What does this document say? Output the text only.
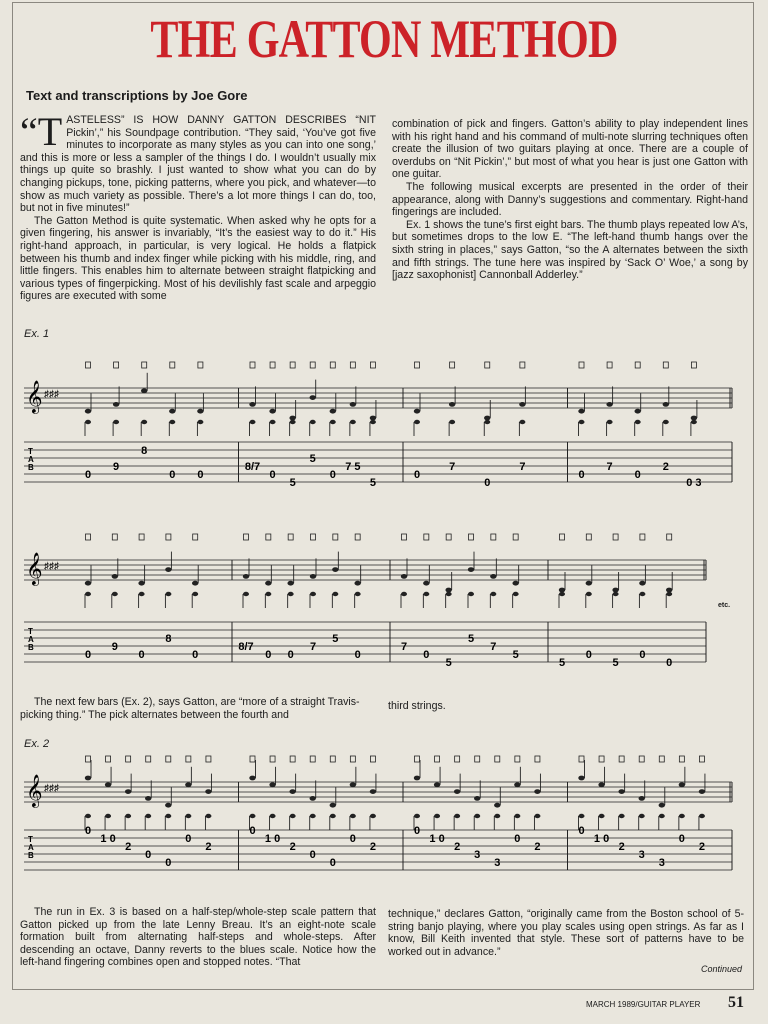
THE GATTON METHOD

Text and transcriptions by Joe Gore

“TASTELESS” IS HOW DANNY GATTON DESCRIBES “NIT Pickin’,” his Soundpage contribution. “They said, ‘You’ve got five minutes to incorporate as many styles as you can into one song,’ and this is more or less a sampler of the things I do. I wouldn’t usually mix things up quite so brashly. I just wanted to show what you can do by changing pickups, tone, picking patterns, where you pick, and whatever—to show as much variety as possible. There’s a lot more things I can do, too, but not in five minutes!”

The Gatton Method is quite systematic. When asked why he opts for a given fingering, his answer is invariably, “It’s the easiest way to do it.” His right-hand approach, in particular, is very logical. He holds a flatpick between his thumb and index finger while picking with his middle, ring, and little fingers. This enables him to alternate between straight flatpicking and various types of fingerpicking. Most of his devilishly fast scale and arpeggio figures are executed with some

combination of pick and fingers. Gatton’s ability to play independent lines with his right hand and his command of multi-note slurring techniques often create the illusion of two guitars playing at once. There are a couple of overdubs on “Nit Pickin’,” but most of what you hear is just one Gatton with one guitar.

The following musical excerpts are presented in the order of their appearance, along with Danny’s suggestions and commentary. Right-hand fingerings are included.

Ex. 1 shows the tune’s first eight bars. The thumb plays repeated low A’s, but sometimes drops to the low E. “The left-hand thumb hangs over the sixth string in places,” says Gatton, “so the A alternates between the sixth and fifth strings. The tune here was inspired by ‘Sack O’ Woe,’ a song by [jazz saxophonist] Cannonball Adderley.”

Ex. 1
𝄞 ♯♯♯
T
A
B
0
9
8
0 0
8/7
0
5
5
0
7 5
5
0
7
0
7
0
7
0
2
0 3
𝄞 ♯♯♯
T
A
B
0
9
0
8
0
8/7
0 0
7
5
0
7
0
5
5
7
5
5
0
5
0
0
etc.

The next few bars (Ex. 2), says Gatton, are “more of a straight Travis-picking thing.” The pick alternates between the fourth and

third strings.

Ex. 2
𝄞 ♯♯♯
T
A
B
0
1 0
2
0
0
0
2
0
1 0
2
0
0
0
2
0
1 0
2
3
3
0
2
0
1 0
2
3
3
0
2

The run in Ex. 3 is based on a half-step/whole-step scale pattern that Gatton picked up from the late Lenny Breau. It’s an eight-note scale formation built from alternating half-steps and whole-steps. After descending an octave, Danny reverts to the blues scale. Notice how the left-hand fingering combines open and stopped notes. “That

technique,” declares Gatton, “originally came from the Boston school of 5-string banjo playing, where you play scales using open strings. As far as I know, Bill Keith invented that style. These sort of patterns have to be worked out in advance.”

Continued

MARCH 1989/GUITAR PLAYER 51
